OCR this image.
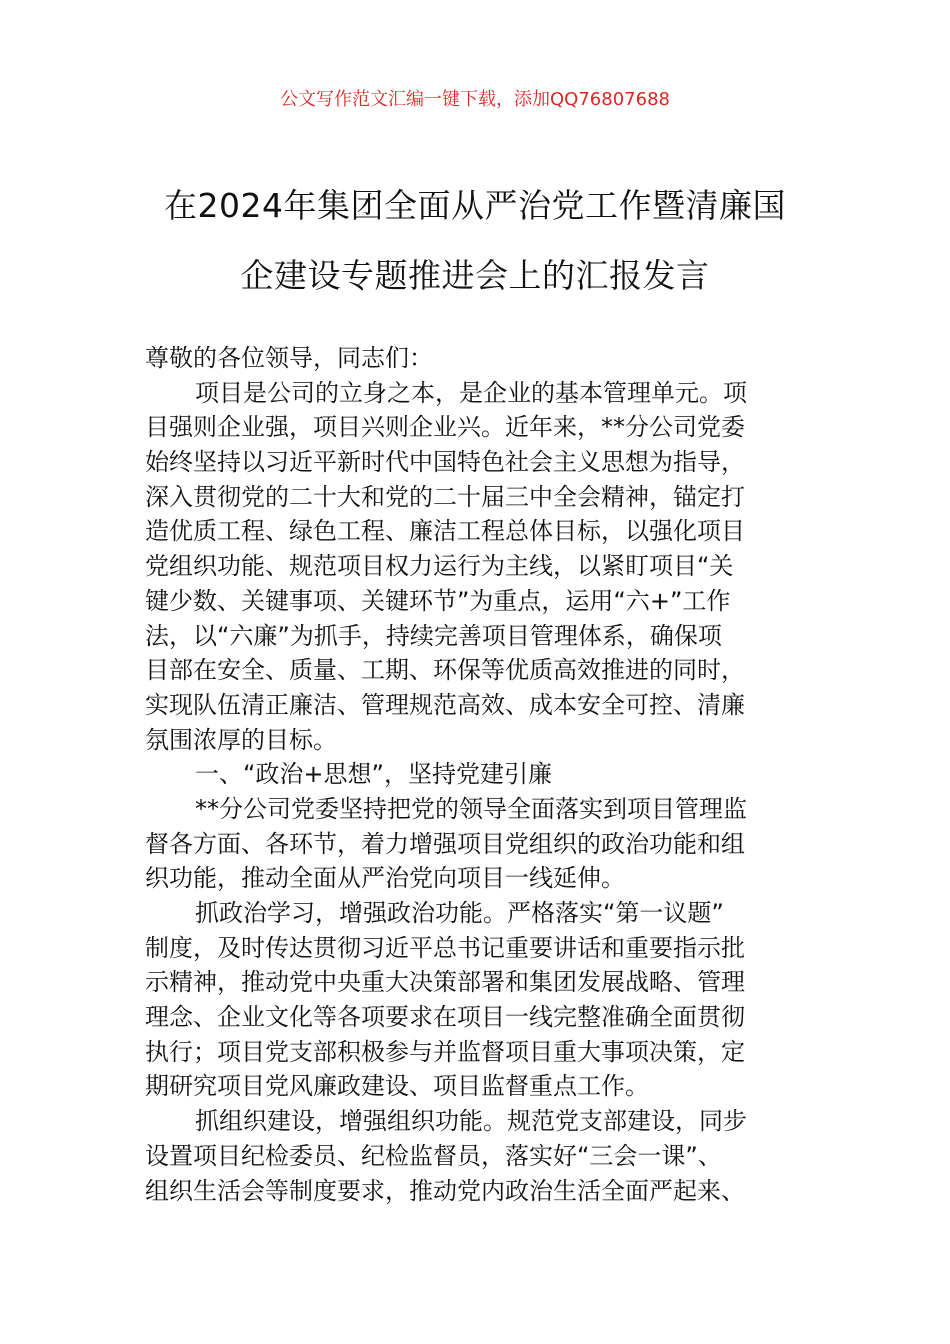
公文写作范文汇编一键下载，添加QQ76807688
在2024年集团全面从严治党工作暨清廉国
企建设专题推进会上的汇报发言
尊敬的各位领导，同志们：
项目是公司的立身之本，是企业的基本管理单元。项
目强则企业强，项目兴则企业兴。近年来，**分公司党委
始终坚持以习近平新时代中国特色社会主义思想为指导，
深入贯彻党的二十大和党的二十届三中全会精神，锚定打
造优质工程、绿色工程、廉洁工程总体目标，以强化项目
党组织功能、规范项目权力运行为主线，以紧盯项目“关
键少数、关键事项、关键环节”为重点，运用“六+”工作
法，以“六廉”为抓手，持续完善项目管理体系，确保项
目部在安全、质量、工期、环保等优质高效推进的同时，
实现队伍清正廉洁、管理规范高效、成本安全可控、清廉
氛围浓厚的目标。
一、“政治+思想”，坚持党建引廉
**分公司党委坚持把党的领导全面落实到项目管理监
督各方面、各环节，着力增强项目党组织的政治功能和组
织功能，推动全面从严治党向项目一线延伸。
抓政治学习，增强政治功能。严格落实“第一议题”
制度，及时传达贯彻习近平总书记重要讲话和重要指示批
示精神，推动党中央重大决策部署和集团发展战略、管理
理念、企业文化等各项要求在项目一线完整准确全面贯彻
执行；项目党支部积极参与并监督项目重大事项决策，定
期研究项目党风廉政建设、项目监督重点工作。
抓组织建设，增强组织功能。规范党支部建设，同步
设置项目纪检委员、纪检监督员，落实好“三会一课”、
组织生活会等制度要求，推动党内政治生活全面严起来、
